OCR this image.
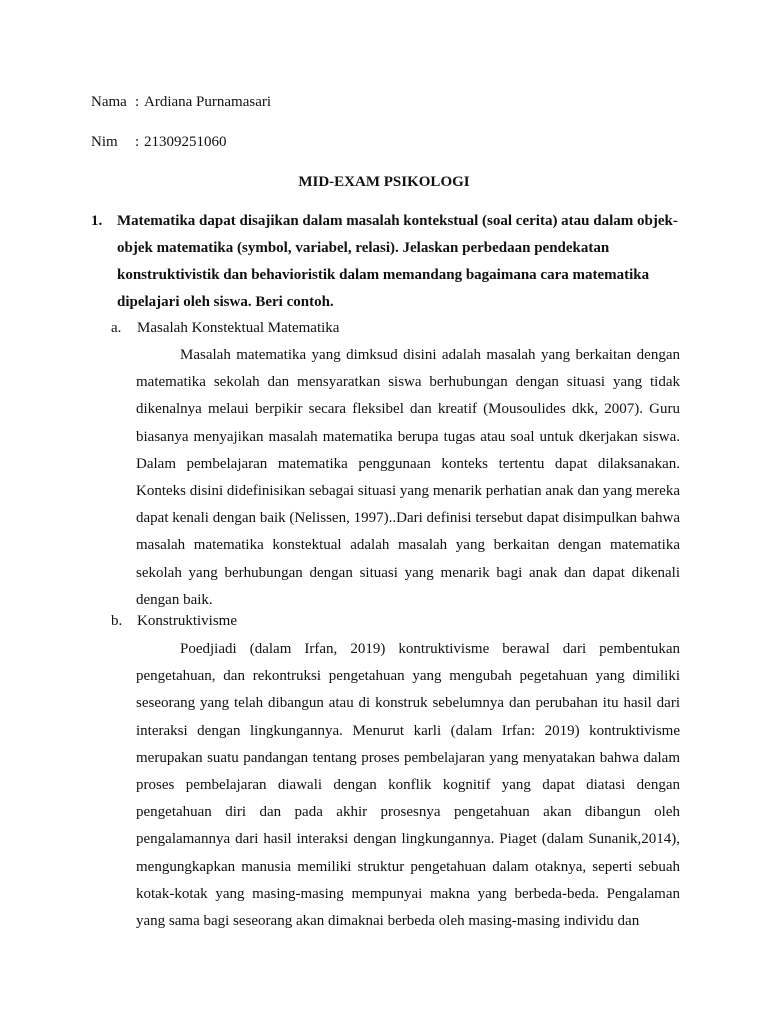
Nama : Ardiana Purnamasari
Nim : 21309251060
MID-EXAM PSIKOLOGI
1. Matematika dapat disajikan dalam masalah kontekstual (soal cerita) atau dalam objek-objek matematika (symbol, variabel, relasi). Jelaskan perbedaan pendekatan konstruktivistik dan behavioristik dalam memandang bagaimana cara matematika dipelajari oleh siswa. Beri contoh.
a. Masalah Konstektual Matematika
Masalah matematika yang dimksud disini adalah masalah yang berkaitan dengan matematika sekolah dan mensyaratkan siswa berhubungan dengan situasi yang tidak dikenalnya melaui berpikir secara fleksibel dan kreatif (Mousoulides dkk, 2007). Guru biasanya menyajikan masalah matematika berupa tugas atau soal untuk dkerjakan siswa. Dalam pembelajaran matematika penggunaan konteks tertentu dapat dilaksanakan. Konteks disini didefinisikan sebagai situasi yang menarik perhatian anak dan yang mereka dapat kenali dengan baik (Nelissen, 1997)..Dari definisi tersebut dapat disimpulkan bahwa masalah matematika konstektual adalah masalah yang berkaitan dengan matematika sekolah yang berhubungan dengan situasi yang menarik bagi anak dan dapat dikenali dengan baik.
b. Konstruktivisme
Poedjiadi (dalam Irfan, 2019) kontruktivisme berawal dari pembentukan pengetahuan, dan rekontruksi pengetahuan yang mengubah pegetahuan yang dimiliki seseorang yang telah dibangun atau di konstruk sebelumnya dan perubahan itu hasil dari interaksi dengan lingkungannya. Menurut karli (dalam Irfan: 2019) kontruktivisme merupakan suatu pandangan tentang proses pembelajaran yang menyatakan bahwa dalam proses pembelajaran diawali dengan konflik kognitif yang dapat diatasi dengan pengetahuan diri dan pada akhir prosesnya pengetahuan akan dibangun oleh pengalamannya dari hasil interaksi dengan lingkungannya. Piaget (dalam Sunanik,2014), mengungkapkan manusia memiliki struktur pengetahuan dalam otaknya, seperti sebuah kotak-kotak yang masing-masing mempunyai makna yang berbeda-beda. Pengalaman yang sama bagi seseorang akan dimaknai berbeda oleh masing-masing individu dan
